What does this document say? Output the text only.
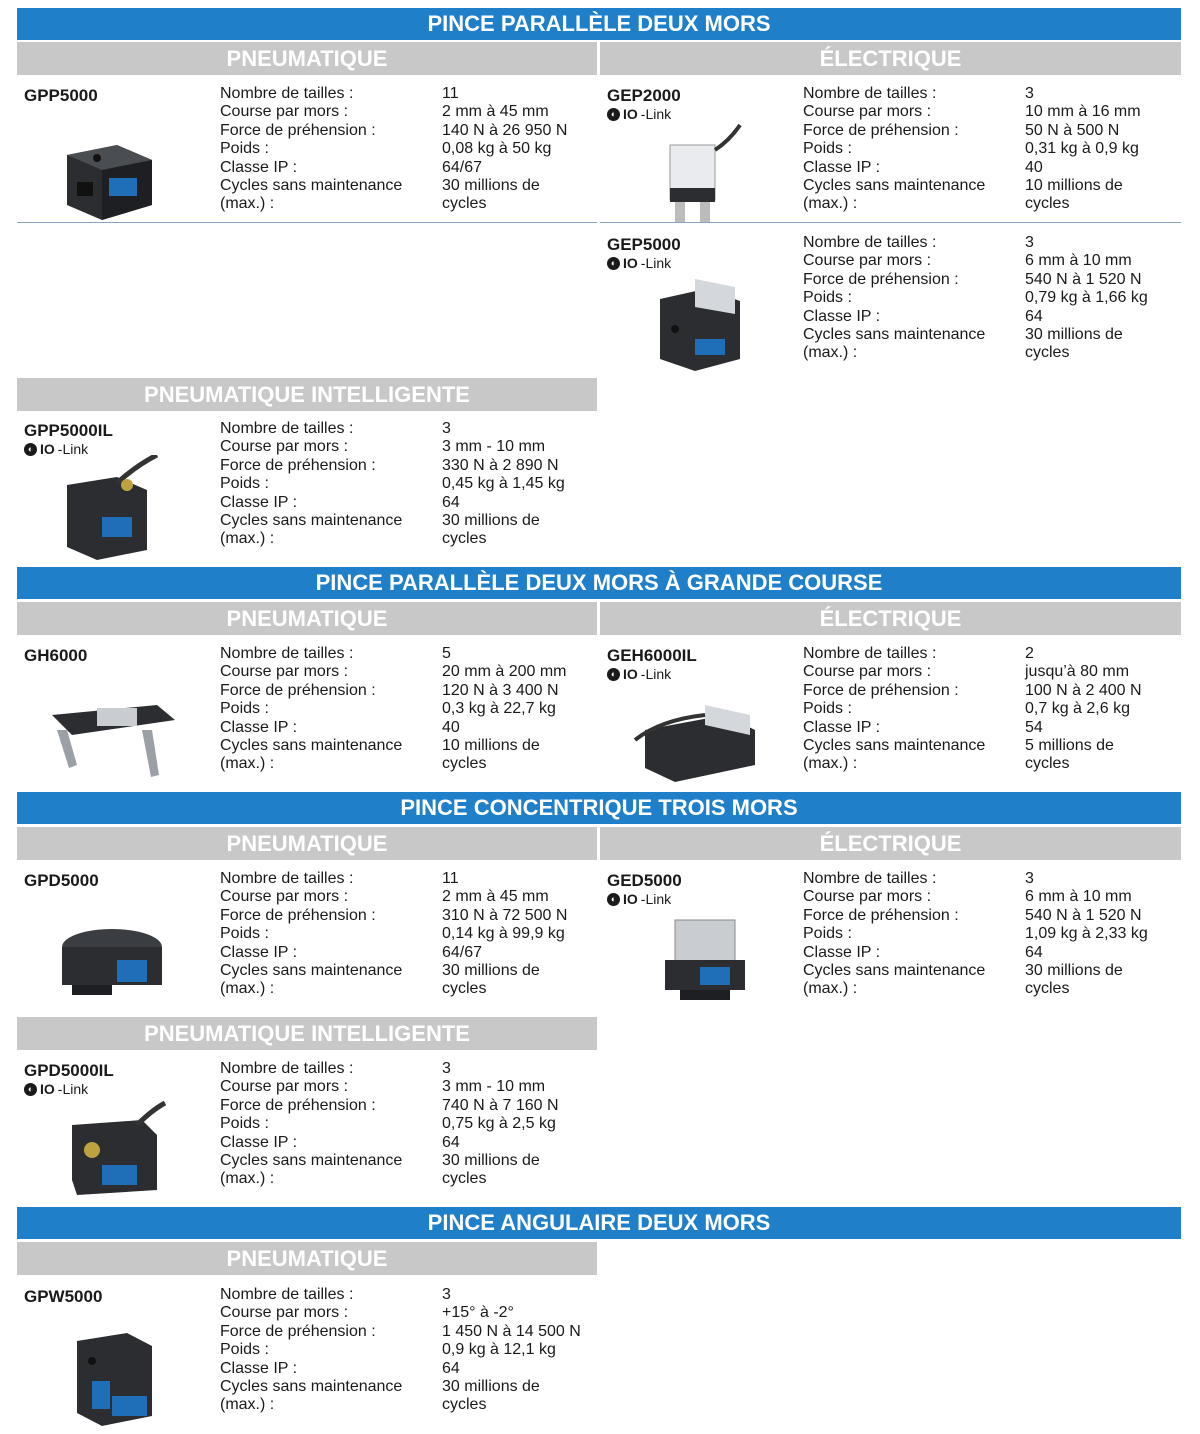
PINCE PARALLÈLE DEUX MORS
PNEUMATIQUE	ÉLECTRIQUE
GPP5000	Nombre de tailles :	11
Course par mors :	2 mm à 45 mm
Force de préhension :	140 N à 26 950 N
Poids :	0,08 kg à 50 kg
Classe IP :	64/67
Cycles sans maintenance	30 millions de
(max.) :	cycles
GEP2000
◐ IO -Link
Nombre de tailles :	3
Course par mors :	10 mm à 16 mm
Force de préhension :	50 N à 500 N
Poids :	0,31 kg à 0,9 kg
Classe IP :	40
Cycles sans maintenance	10 millions de
(max.) :	cycles
GEP5000
◐ IO -Link
Nombre de tailles :	3
Course par mors :	6 mm à 10 mm
Force de préhension :	540 N à 1 520 N
Poids :	0,79 kg à 1,66 kg
Classe IP :	64
Cycles sans maintenance	30 millions de
(max.) :	cycles
PNEUMATIQUE INTELLIGENTE
GPP5000IL
◐ IO -Link
Nombre de tailles :	3
Course par mors :	3 mm - 10 mm
Force de préhension :	330 N à 2 890 N
Poids :	0,45 kg à 1,45 kg
Classe IP :	64
Cycles sans maintenance	30 millions de
(max.) :	cycles
PINCE PARALLÈLE DEUX MORS À GRANDE COURSE
PNEUMATIQUE	ÉLECTRIQUE
GH6000	Nombre de tailles :	5
Course par mors :	20 mm à 200 mm
Force de préhension :	120 N à 3 400 N
Poids :	0,3 kg à 22,7 kg
Classe IP :	40
Cycles sans maintenance	10 millions de
(max.) :	cycles
GEH6000IL
◐ IO -Link
Nombre de tailles :	2
Course par mors :	jusqu’à 80 mm
Force de préhension :	100 N à 2 400 N
Poids :	0,7 kg à 2,6 kg
Classe IP :	54
Cycles sans maintenance	5 millions de
(max.) :	cycles
PINCE CONCENTRIQUE TROIS MORS
PNEUMATIQUE	ÉLECTRIQUE
GPD5000	Nombre de tailles :	11
Course par mors :	2 mm à 45 mm
Force de préhension :	310 N à 72 500 N
Poids :	0,14 kg à 99,9 kg
Classe IP :	64/67
Cycles sans maintenance	30 millions de
(max.) :	cycles
GED5000
◐ IO -Link
Nombre de tailles :	3
Course par mors :	6 mm à 10 mm
Force de préhension :	540 N à 1 520 N
Poids :	1,09 kg à 2,33 kg
Classe IP :	64
Cycles sans maintenance	30 millions de
(max.) :	cycles
PNEUMATIQUE INTELLIGENTE
GPD5000IL
◐ IO -Link
Nombre de tailles :	3
Course par mors :	3 mm - 10 mm
Force de préhension :	740 N à 7 160 N
Poids :	0,75 kg à 2,5 kg
Classe IP :	64
Cycles sans maintenance	30 millions de
(max.) :	cycles
PINCE ANGULAIRE DEUX MORS
PNEUMATIQUE
GPW5000	Nombre de tailles :	3
Course par mors :	+15° à -2°
Force de préhension :	1 450 N à 14 500 N
Poids :	0,9 kg à 12,1 kg
Classe IP :	64
Cycles sans maintenance	30 millions de
(max.) :	cycles
